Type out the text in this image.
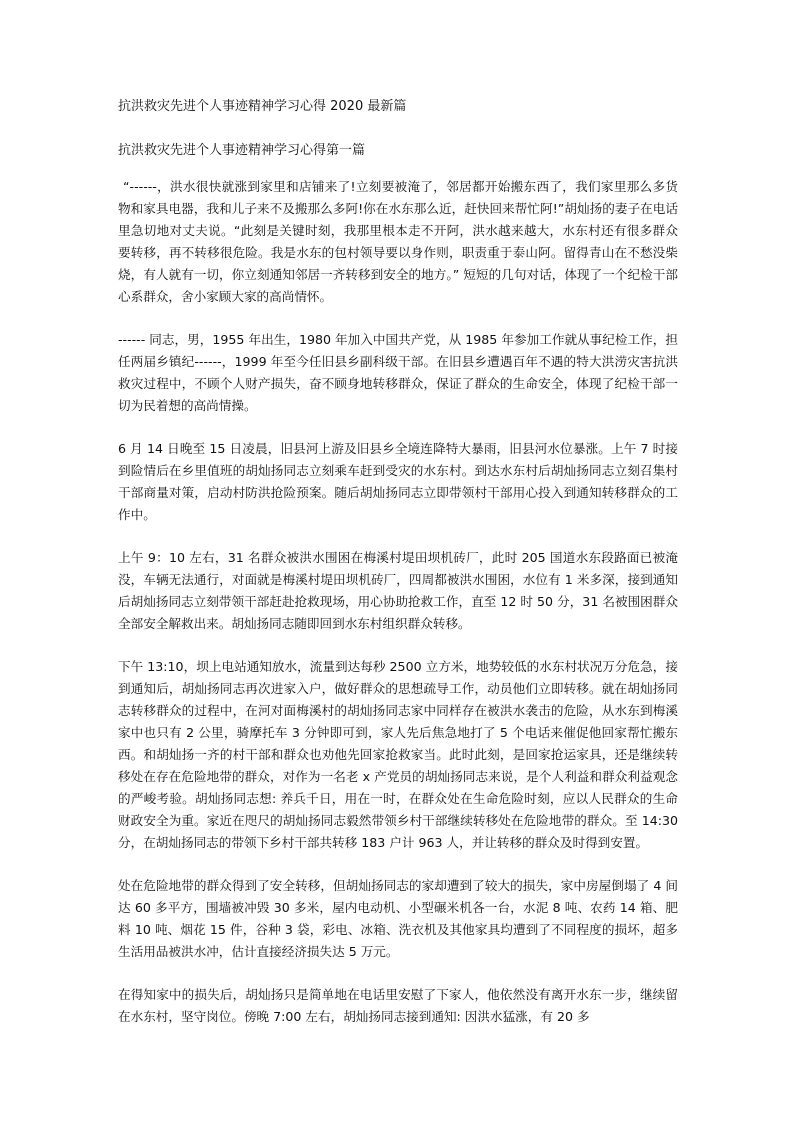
抗洪救灾先进个人事迹精神学习心得 2020 最新篇
抗洪救灾先进个人事迹精神学习心得第一篇

“------，洪水很快就涨到家里和店铺来了!立刻要被淹了，邻居都开始搬东西了，我们家里那么多货物和家具电器，我和儿子来不及搬那么多阿!你在水东那么近，赶快回来帮忙阿!”胡灿扬的妻子在电话里急切地对丈夫说。“此刻是关键时刻，我那里根本走不开阿，洪水越来越大，水东村还有很多群众要转移，再不转移很危险。我是水东的包村领导要以身作则，职责重于泰山阿。留得青山在不愁没柴烧，有人就有一切，你立刻通知邻居一齐转移到安全的地方。” 短短的几句对话，体现了一个纪检干部心系群众，舍小家顾大家的高尚情怀。

------ 同志，男，1955 年出生，1980 年加入中国共产党，从 1985 年参加工作就从事纪检工作，担任两届乡镇纪------，1999 年至今任旧县乡副科级干部。在旧县乡遭遇百年不遇的特大洪涝灾害抗洪救灾过程中，不顾个人财产损失，奋不顾身地转移群众，保证了群众的生命安全，体现了纪检干部一切为民着想的高尚情操。

6 月 14 日晚至 15 日凌晨，旧县河上游及旧县乡全境连降特大暴雨，旧县河水位暴涨。上午 7 时接到险情后在乡里值班的胡灿扬同志立刻乘车赶到受灾的水东村。到达水东村后胡灿扬同志立刻召集村干部商量对策，启动村防洪抢险预案。随后胡灿扬同志立即带领村干部用心投入到通知转移群众的工作中。

上午 9：10 左右，31 名群众被洪水围困在梅溪村堤田坝机砖厂，此时 205 国道水东段路面已被淹没，车辆无法通行，对面就是梅溪村堤田坝机砖厂，四周都被洪水围困，水位有 1 米多深，接到通知后胡灿扬同志立刻带领干部赶赴抢救现场，用心协助抢救工作，直至 12 时 50 分，31 名被围困群众全部安全解救出来。胡灿扬同志随即回到水东村组织群众转移。

下午 13:10，坝上电站通知放水，流量到达每秒 2500 立方米，地势较低的水东村状况万分危急，接到通知后，胡灿扬同志再次进家入户，做好群众的思想疏导工作，动员他们立即转移。就在胡灿扬同志转移群众的过程中，在河对面梅溪村的胡灿扬同志家中同样存在被洪水袭击的危险，从水东到梅溪家中也只有 2 公里，骑摩托车 3 分钟即可到，家人先后焦急地打了 5 个电话来催促他回家帮忙搬东西。和胡灿扬一齐的村干部和群众也劝他先回家抢救家当。此时此刻，是回家抢运家具，还是继续转移处在存在危险地带的群众，对作为一名老 x 产党员的胡灿扬同志来说，是个人利益和群众利益观念的严峻考验。胡灿扬同志想: 养兵千日，用在一时，在群众处在生命危险时刻，应以人民群众的生命财政安全为重。家近在咫尺的胡灿扬同志毅然带领乡村干部继续转移处在危险地带的群众。至 14:30 分，在胡灿扬同志的带领下乡村干部共转移 183 户计 963 人，并让转移的群众及时得到安置。

处在危险地带的群众得到了安全转移，但胡灿扬同志的家却遭到了较大的损失，家中房屋倒塌了 4 间达 60 多平方，围墙被冲毁 30 多米，屋内电动机、小型碾米机各一台，水泥 8 吨、农药 14 箱、肥料 10 吨、烟花 15 件，谷种 3 袋，彩电、冰箱、洗衣机及其他家具均遭到了不同程度的损坏，超多生活用品被洪水冲，估计直接经济损失达 5 万元。

在得知家中的损失后，胡灿扬只是简单地在电话里安慰了下家人，他依然没有离开水东一步，继续留在水东村，坚守岗位。傍晚 7:00 左右，胡灿扬同志接到通知: 因洪水猛涨，有 20 多
